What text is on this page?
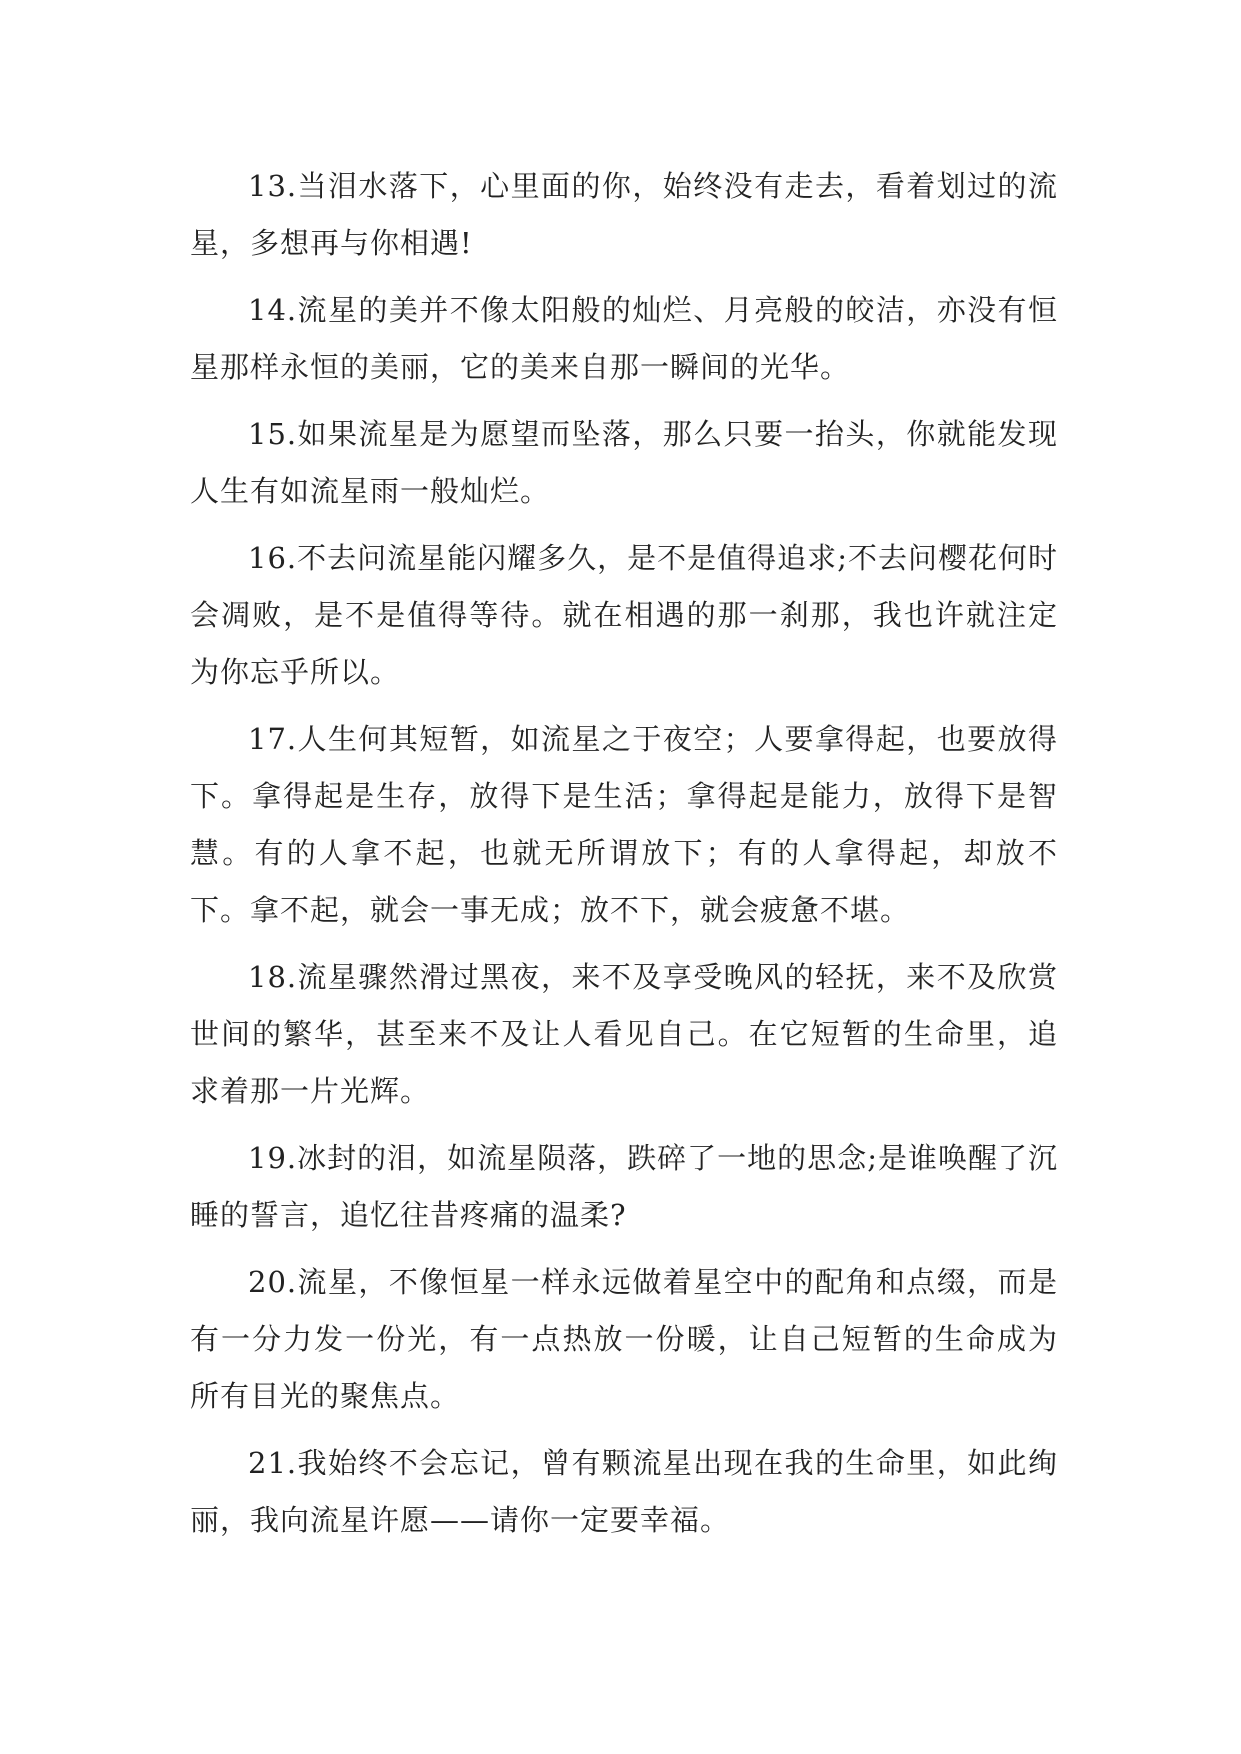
13.当泪水落下，心里面的你，始终没有走去，看着划过的流星，多想再与你相遇!

14.流星的美并不像太阳般的灿烂、月亮般的皎洁，亦没有恒星那样永恒的美丽，它的美来自那一瞬间的光华。

15.如果流星是为愿望而坠落，那么只要一抬头，你就能发现人生有如流星雨一般灿烂。

16.不去问流星能闪耀多久，是不是值得追求;不去问樱花何时会凋败，是不是值得等待。就在相遇的那一刹那，我也许就注定为你忘乎所以。

17.人生何其短暂，如流星之于夜空；人要拿得起，也要放得下。拿得起是生存，放得下是生活；拿得起是能力，放得下是智慧。有的人拿不起，也就无所谓放下；有的人拿得起，却放不下。拿不起，就会一事无成；放不下，就会疲惫不堪。

18.流星骤然滑过黑夜，来不及享受晚风的轻抚，来不及欣赏世间的繁华，甚至来不及让人看见自己。在它短暂的生命里，追求着那一片光辉。

19.冰封的泪，如流星陨落，跌碎了一地的思念;是谁唤醒了沉睡的誓言，追忆往昔疼痛的温柔?

20.流星，不像恒星一样永远做着星空中的配角和点缀，而是有一分力发一份光，有一点热放一份暖，让自己短暂的生命成为所有目光的聚焦点。

21.我始终不会忘记，曾有颗流星出现在我的生命里，如此绚丽，我向流星许愿——请你一定要幸福。
